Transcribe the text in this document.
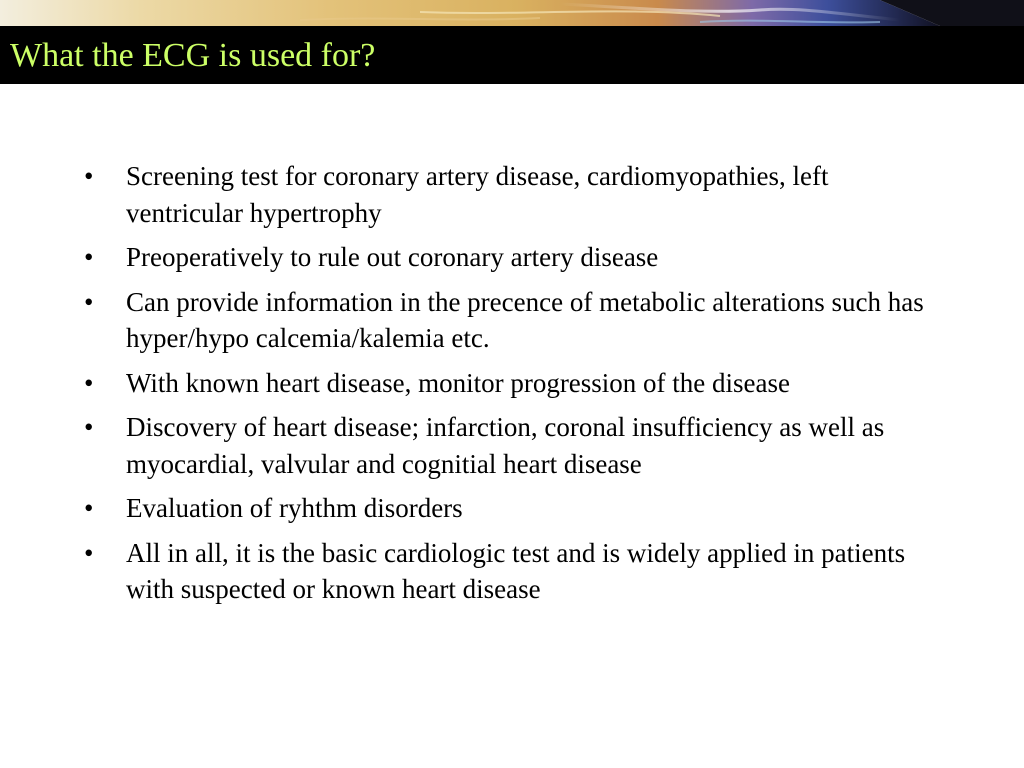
What the ECG is used for?
• Screening test for coronary artery disease, cardiomyopathies, left ventricular hypertrophy
• Preoperatively to rule out coronary artery disease
• Can provide information in the precence of metabolic alterations such has hyper/hypo calcemia/kalemia etc.
• With known heart disease, monitor progression of the disease
• Discovery of heart disease; infarction, coronal insufficiency as well as myocardial, valvular and cognitial heart disease
• Evaluation of ryhthm disorders
• All in all, it is the basic cardiologic test and is widely applied in patients with suspected or known heart disease
